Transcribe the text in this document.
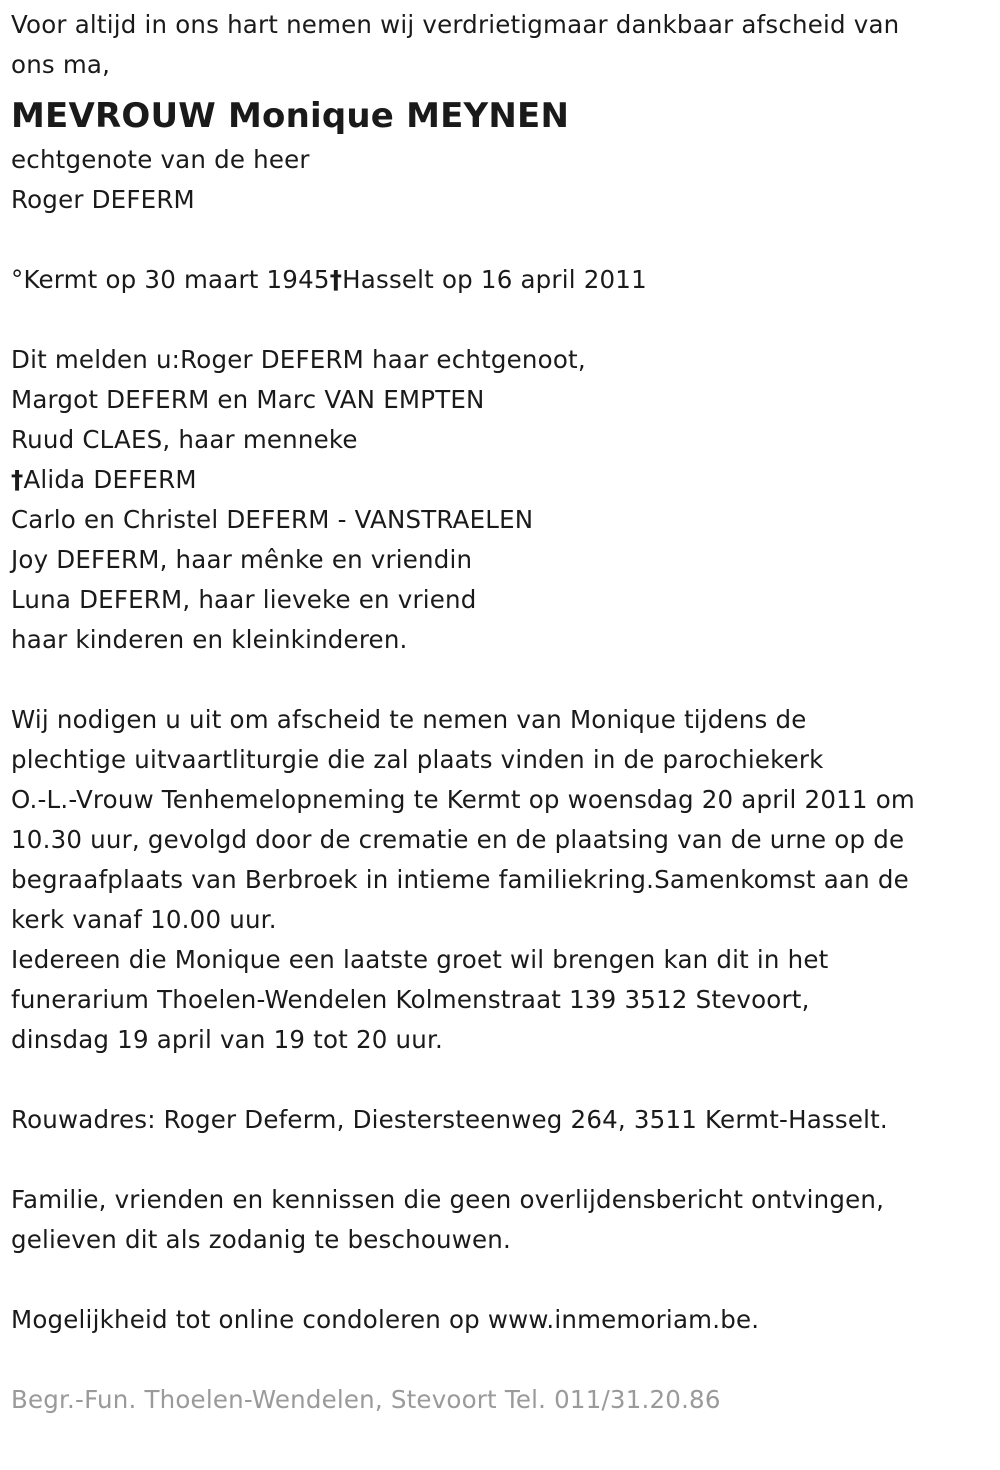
Voor altijd in ons hart nemen wij verdrietigmaar dankbaar afscheid van
ons ma,
MEVROUW Monique MEYNEN
echtgenote van de heer
Roger DEFERM
°Kermt op 30 maart 1945†Hasselt op 16 april 2011
Dit melden u:Roger DEFERM haar echtgenoot,
Margot DEFERM en Marc VAN EMPTEN
Ruud CLAES, haar menneke
†Alida DEFERM
Carlo en Christel DEFERM - VANSTRAELEN
Joy DEFERM, haar mênke en vriendin
Luna DEFERM, haar lieveke en vriend
haar kinderen en kleinkinderen.
Wij nodigen u uit om afscheid te nemen van Monique tijdens de
plechtige uitvaartliturgie die zal plaats vinden in de parochiekerk
O.-L.-Vrouw Tenhemelopneming te Kermt op woensdag 20 april 2011 om
10.30 uur, gevolgd door de crematie en de plaatsing van de urne op de
begraafplaats van Berbroek in intieme familiekring.Samenkomst aan de
kerk vanaf 10.00 uur.
Iedereen die Monique een laatste groet wil brengen kan dit in het
funerarium Thoelen-Wendelen Kolmenstraat 139 3512 Stevoort,
dinsdag 19 april van 19 tot 20 uur.
Rouwadres: Roger Deferm, Diestersteenweg 264, 3511 Kermt-Hasselt.
Familie, vrienden en kennissen die geen overlijdensbericht ontvingen,
gelieven dit als zodanig te beschouwen.
Mogelijkheid tot online condoleren op www.inmemoriam.be.
Begr.-Fun. Thoelen-Wendelen, Stevoort Tel. 011/31.20.86
